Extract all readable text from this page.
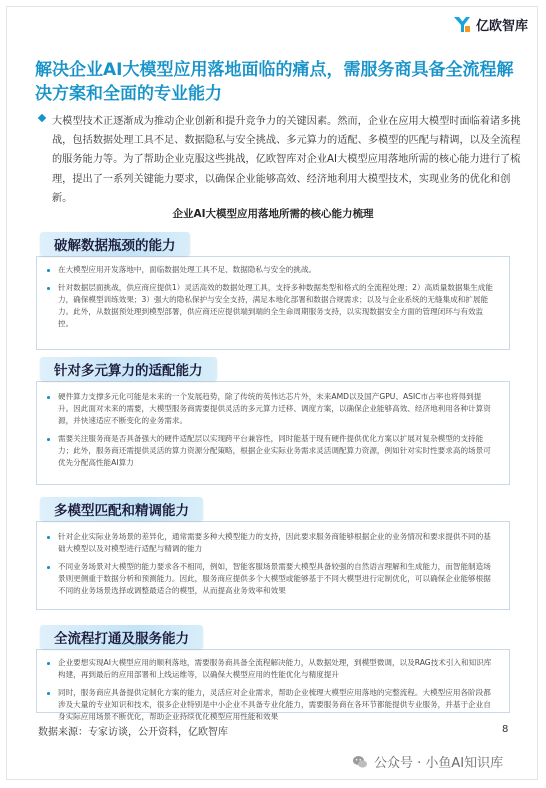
亿欧智库
解决企业AI大模型应用落地面临的痛点，需服务商具备全流程解决方案和全面的专业能力

大模型技术正逐渐成为推动企业创新和提升竞争力的关键因素。然而，企业在应用大模型时面临着诸多挑战，包括数据处理工具不足、数据隐私与安全挑战、多元算力的适配、多模型的匹配与精调，以及全流程的服务能力等。为了帮助企业克服这些挑战，亿欧智库对企业AI大模型应用落地所需的核心能力进行了梳理，提出了一系列关键能力要求，以确保企业能够高效、经济地利用大模型技术，实现业务的优化和创新。

企业AI大模型应用落地所需的核心能力梳理
破解数据瓶颈的能力
在大模型应用开发落地中，面临数据处理工具不足、数据隐私与安全的挑战。
针对数据层面挑战，供应商应提供1）灵活高效的数据处理工具，支持多种数据类型和格式的全流程处理；2）高质量数据集生成能力，确保模型训练效果；3）强大的隐私保护与安全支持，满足本地化部署和数据合规需求；以及与企业系统的无缝集成和扩展能力。此外，从数据预处理到模型部署，供应商还应提供端到端的全生命周期服务支持，以实现数据安全方面的管理闭环与有效监控。
针对多元算力的适配能力
硬件算力支撑多元化可能是未来的一个发展趋势，除了传统的英伟达芯片外，未来AMD以及国产GPU、ASIC市占率也将得到提升。因此面对未来的需要，大模型服务商需要提供灵活的多元算力迁移、调度方案，以确保企业能够高效、经济地利用各种计算资源，并快速适应不断变化的业务需求。
需要关注服务商是否具备强大的硬件适配层以实现跨平台兼容性，同时能基于现有硬件提供优化方案以扩展对复杂模型的支持能力；此外，服务商还需提供灵活的算力资源分配策略，根据企业实际业务需求灵活调配算力资源，例如针对实时性要求高的场景可优先分配高性能AI算力
多模型匹配和精调能力
针对企业实际业务场景的差异化，通常需要多种大模型能力的支持，因此要求服务商能够根据企业的业务情况和要求提供不同的基础大模型以及对模型进行适配与精调的能力
不同业务场景对大模型的能力要求各不相同，例如，智能客服场景需要大模型具备较强的自然语言理解和生成能力，而智能制造场景则更侧重于数据分析和预测能力。因此，服务商应提供多个大模型或能够基于不同大模型进行定制优化，可以确保企业能够根据不同的业务场景选择或调整最适合的模型，从而提高业务效率和效果
全流程打通及服务能力
企业要想实现AI大模型应用的顺利落地，需要服务商具备全流程解决能力，从数据处理，到模型微调，以及RAG技术引入和知识库构建，再到最后的应用部署和上线运维等，以确保大模型应用的性能优化与精度提升
同时，服务商应具备提供定制化方案的能力，灵活应对企业需求，帮助企业梳理大模型应用落地的完整流程。大模型应用各阶段都涉及大量的专业知识和技术，很多企业特别是中小企业不具备专业化能力，需要服务商在各环节都能提供专业服务，并基于企业自身实际应用场景不断优化，帮助企业持续优化模型应用性能和效果
数据来源：专家访谈，公开资料，亿欧智库	8
公众号 · 小鱼AI知识库
